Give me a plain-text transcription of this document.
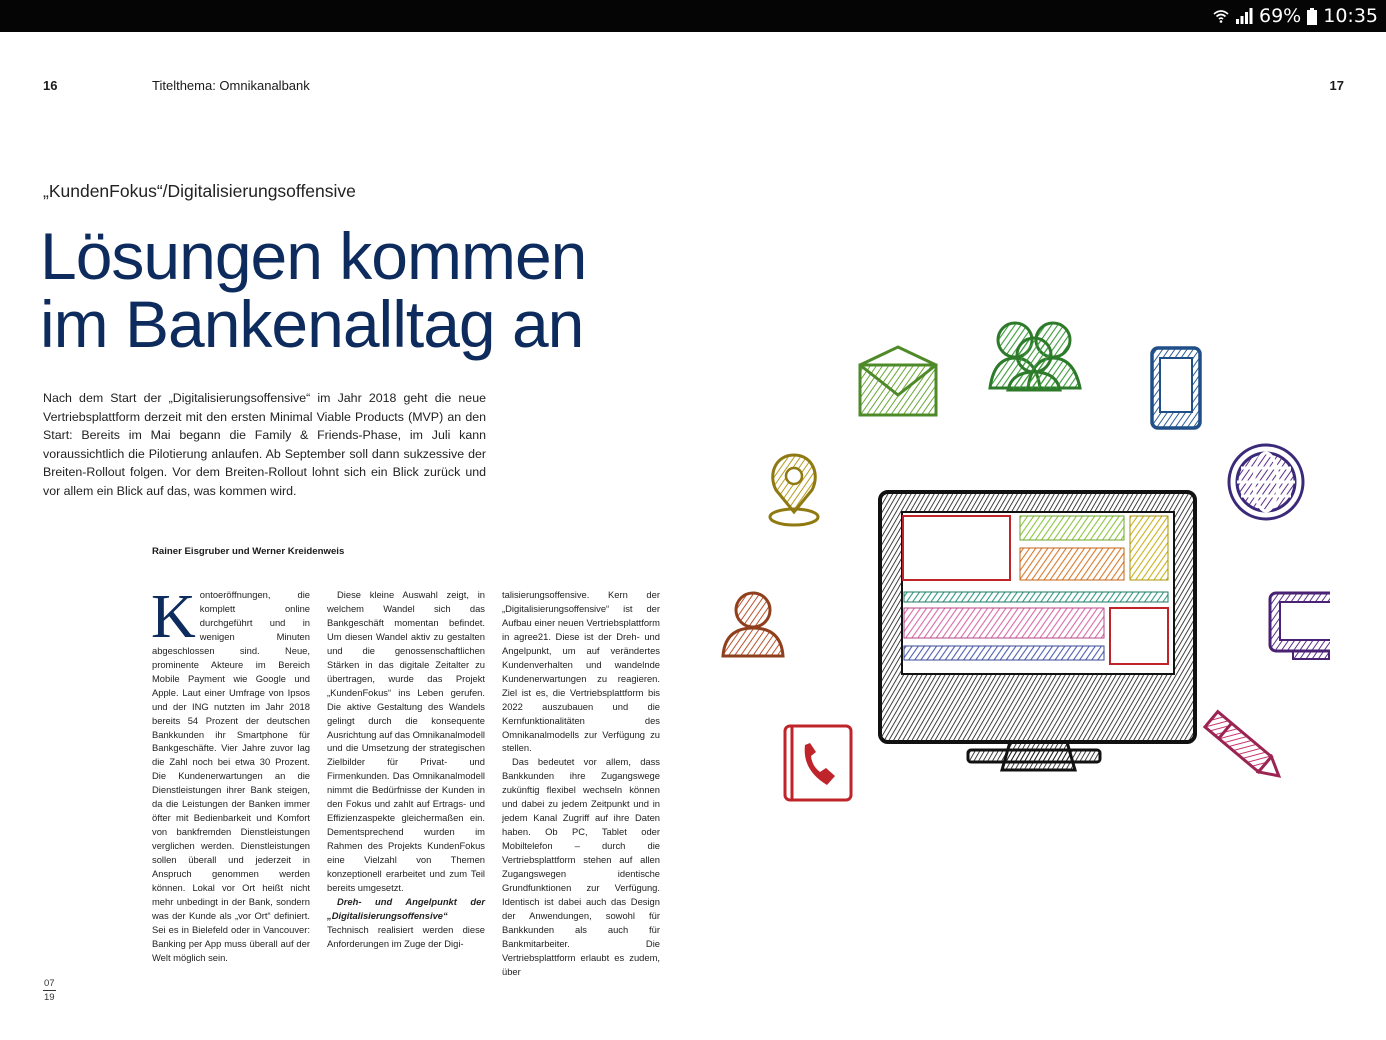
69% 10:35
16	Titelthema: Omnikanalbank	17
„KundenFokus“/Digitalisierungsoffensive
Lösungen kommen
im Bankenalltag an

Nach dem Start der „Digitalisierungsoffensive“ im Jahr 2018 geht die neue Vertriebsplattform derzeit mit den ersten Minimal Viable Products (MVP) an den Start: Bereits im Mai begann die Family & Friends-Phase, im Juli kann voraussichtlich die Pilotierung anlaufen. Ab September soll dann sukzessive der Breiten-Rollout folgen. Vor dem Breiten-Rollout lohnt sich ein Blick zurück und vor allem ein Blick auf das, was kommen wird.

Rainer Eisgruber und Werner Kreidenweis
K ontoeröffnungen, die komplett online durchgeführt und in wenigen Minuten abgeschlossen sind. Neue, prominente Akteure im Bereich Mobile Payment wie Google und Apple. Laut einer Umfrage von Ipsos und der ING nutzten im Jahr 2018 bereits 54 Prozent der deutschen Bankkunden ihr Smartphone für Bankgeschäfte. Vier Jahre zuvor lag die Zahl noch bei etwa 30 Prozent. Die Kundenerwartungen an die Dienstleistungen ihrer Bank steigen, da die Leistungen der Banken immer öfter mit Bedienbarkeit und Komfort von bankfremden Dienstleistungen verglichen werden. Dienstleistungen sollen überall und jederzeit in Anspruch genommen werden können. Lokal vor Ort heißt nicht mehr unbedingt in der Bank, sondern was der Kunde als „vor Ort“ definiert. Sei es in Bielefeld oder in Vancouver: Banking per App muss überall auf der Welt möglich sein.

Diese kleine Auswahl zeigt, in welchem Wandel sich das Bankgeschäft momentan befindet. Um diesen Wandel aktiv zu gestalten und die genossenschaftlichen Stärken in das digitale Zeitalter zu übertragen, wurde das Projekt „KundenFokus“ ins Leben gerufen. Die aktive Gestaltung des Wandels gelingt durch die konsequente Ausrichtung auf das Omnikanalmodell und die Umsetzung der strategischen Zielbilder für Privat- und Firmenkunden. Das Omnikanalmodell nimmt die Bedürfnisse der Kunden in den Fokus und zahlt auf Ertrags- und Effizienzaspekte gleichermaßen ein. Dementsprechend wurden im Rahmen des Projekts KundenFokus eine Vielzahl von Themen konzeptionell erarbeitet und zum Teil bereits umgesetzt.

Dreh- und Angelpunkt der „Digitalisierungsoffensive“

Technisch realisiert werden diese Anforderungen im Zuge der Digi-

talisierungsoffensive. Kern der „Digitalisierungsoffensive“ ist der Aufbau einer neuen Vertriebsplattform in agree21. Diese ist der Dreh- und Angelpunkt, um auf verändertes Kundenverhalten und wandelnde Kundenerwartungen zu reagieren. Ziel ist es, die Vertriebsplattform bis 2022 auszubauen und die Kernfunktionalitäten des Omnikanalmodells zur Verfügung zu stellen.

Das bedeutet vor allem, dass Bankkunden ihre Zugangswege zukünftig flexibel wechseln können und dabei zu jedem Zeitpunkt und in jedem Kanal Zugriff auf ihre Daten haben. Ob PC, Tablet oder Mobiltelefon – durch die Vertriebsplattform stehen auf allen Zugangswegen identische Grundfunktionen zur Verfügung. Identisch ist dabei auch das Design der Anwendungen, sowohl für Bankkunden als auch für Bankmitarbeiter. Die Vertriebsplattform erlaubt es zudem, über

07
19
